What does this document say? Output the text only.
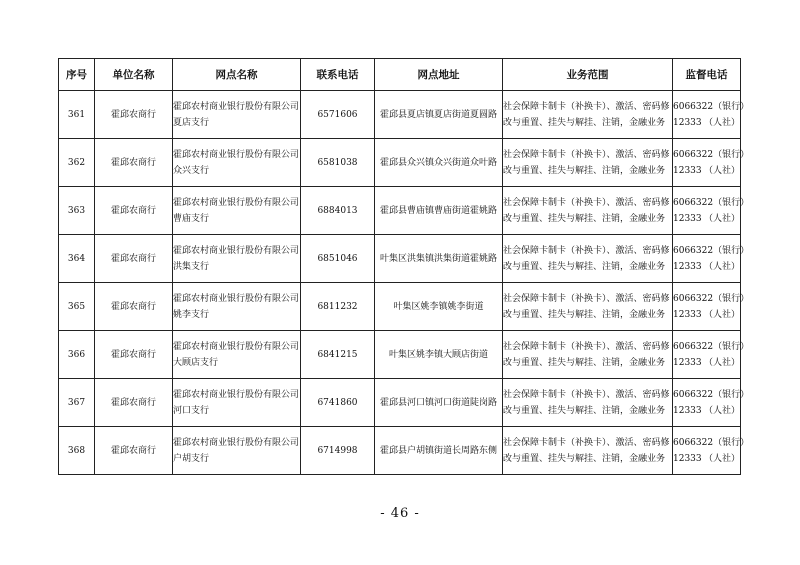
序号	单位名称	网点名称	联系电话	网点地址	业务范围	监督电话
361	霍邱农商行	霍邱农村商业银行股份有限公司夏店支行	6571606	霍邱县夏店镇夏店街道夏圆路	社会保障卡制卡（补换卡）、激活、密码修改与重置、挂失与解挂、注销，金融业务	6066322 （银行）
12333 （人社）

362	霍邱农商行	霍邱农村商业银行股份有限公司众兴支行	6581038	霍邱县众兴镇众兴街道众叶路	社会保障卡制卡（补换卡）、激活、密码修改与重置、挂失与解挂、注销，金融业务	6066322 （银行）
12333 （人社）

363	霍邱农商行	霍邱农村商业银行股份有限公司曹庙支行	6884013	霍邱县曹庙镇曹庙街道霍姚路	社会保障卡制卡（补换卡）、激活、密码修改与重置、挂失与解挂、注销，金融业务	6066322 （银行）
12333 （人社）

364	霍邱农商行	霍邱农村商业银行股份有限公司洪集支行	6851046	叶集区洪集镇洪集街道霍姚路	社会保障卡制卡（补换卡）、激活、密码修改与重置、挂失与解挂、注销，金融业务	6066322 （银行）
12333 （人社）

365	霍邱农商行	霍邱农村商业银行股份有限公司姚李支行	6811232	叶集区姚李镇姚李街道	社会保障卡制卡（补换卡）、激活、密码修改与重置、挂失与解挂、注销，金融业务	6066322 （银行）
12333 （人社）

366	霍邱农商行	霍邱农村商业银行股份有限公司大顾店支行	6841215	叶集区姚李镇大顾店街道	社会保障卡制卡（补换卡）、激活、密码修改与重置、挂失与解挂、注销，金融业务	6066322 （银行）
12333 （人社）

367	霍邱农商行	霍邱农村商业银行股份有限公司河口支行	6741860	霍邱县河口镇河口街道陡岗路	社会保障卡制卡（补换卡）、激活、密码修改与重置、挂失与解挂、注销，金融业务	6066322 （银行）
12333 （人社）

368	霍邱农商行	霍邱农村商业银行股份有限公司户胡支行	6714998	霍邱县户胡镇街道长周路东侧	社会保障卡制卡（补换卡）、激活、密码修改与重置、挂失与解挂、注销，金融业务	6066322 （银行）
12333 （人社）
- 46 -
